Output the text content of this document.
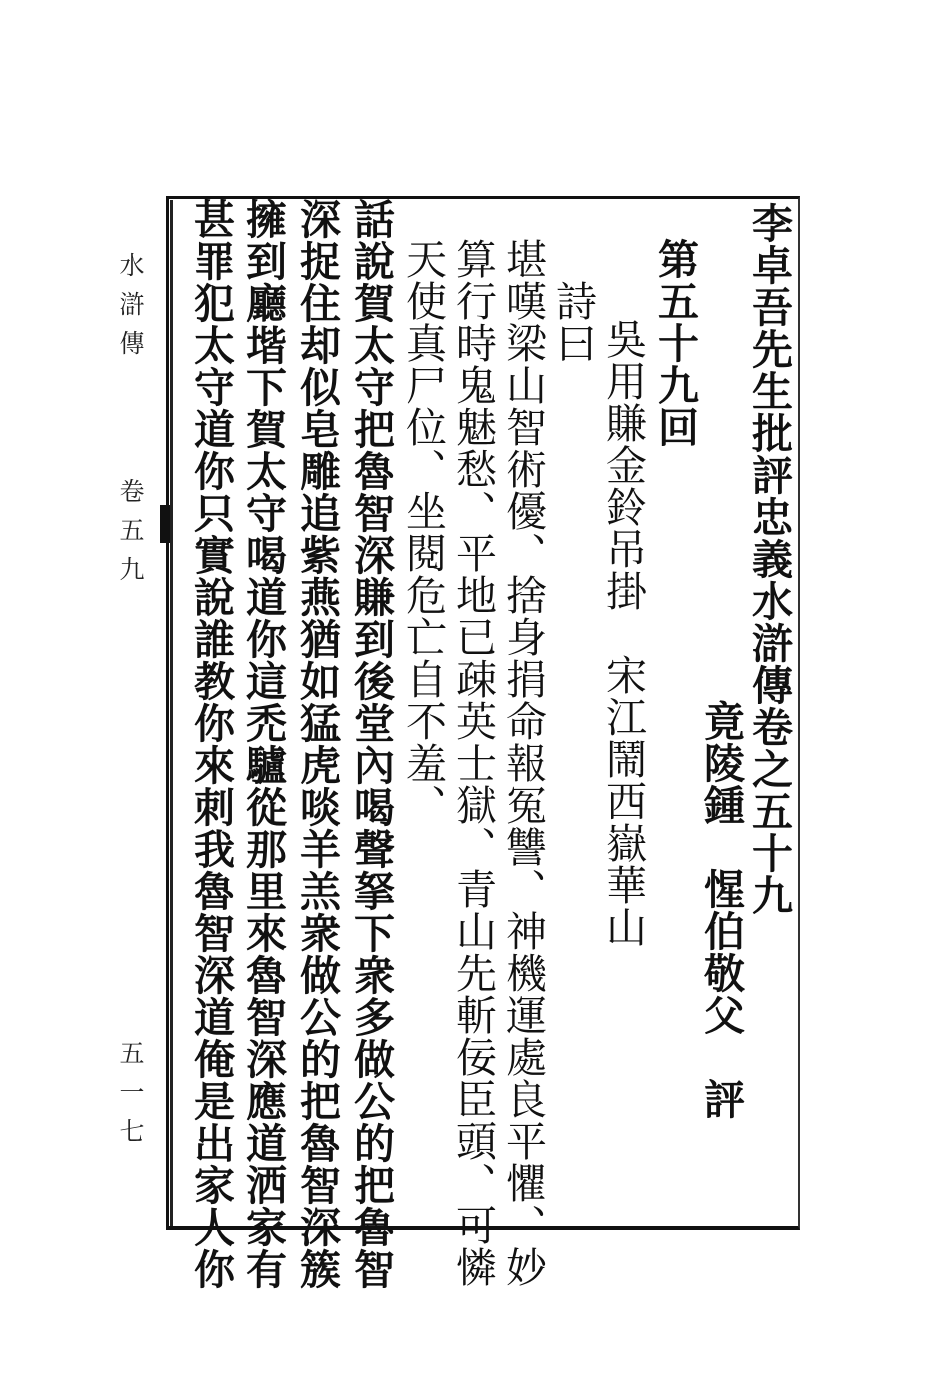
李卓吾先生批評忠義水滸傳卷之五十九
竟陵鍾　惺伯敬父　評
第五十九回
吳用賺金鈴吊掛　宋江鬧西嶽華山
詩曰
堪嘆梁山智術優、捨身捐命報冤讐、神機運處良平懼、妙
算行時鬼魅愁、平地已疎英士獄、青山先斬佞臣頭、可憐
天使真尸位、坐閱危亡自不羞、
話說賀太守把魯智深賺到後堂內喝聲拏下衆多做公的把魯智
深捉住却似皂雕追紫燕猶如猛虎啖羊羔衆做公的把魯智深簇
擁到廳堦下賀太守喝道你這禿驢從那里來魯智深應道洒家有
甚罪犯太守道你只實說誰教你來刺我魯智深道俺是出家人你
水滸傳
卷五九
五一七
